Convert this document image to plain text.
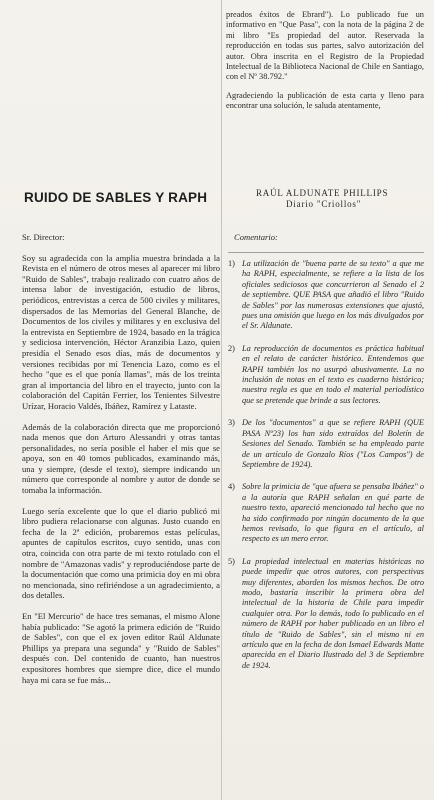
preados éxitos de Ebrard"). Lo publicado fue un informativo en "Que Pasa", con la nota de la página 2 de mi libro "Es propiedad del autor. Reservada la reproducción en todas sus partes, salvo autorización del autor. Obra inscrita en el Registro de la Propiedad Intelectual de la Biblioteca Nacional de Chile en Santiago, con el Nº 38.792."

Agradeciendo la publicación de esta carta y lleno para encontrar una solución, le saluda atentamente,

RUIDO DE SABLES Y RAPH	RAÚL ALDUNATE PHILLIPS
Diario "Criollos"

Sr. Director:

Soy su agradecida con la amplia muestra brindada a la Revista en el número de otros meses al aparecer mi libro "Ruido de Sables", trabajo realizado con cuatro años de intensa labor de investigación, estudio de libros, periódicos, entrevistas a cerca de 500 civiles y militares, dispersados de las Memorias del General Blanche, de Documentos de los civiles y militares y en exclusiva del la entrevista en Septiembre de 1924, basado en la trágica y sediciosa intervención, Héctor Aranzibia Lazo, quien presidía el Senado esos días, más de documentos y versiones recibidas por mí Tenencia Lazo, como es el hecho "que es el que ponía llamas", más de los treinta gran al importancia del libro en el trayecto, junto con la colaboración del Capitán Ferrier, los Tenientes Silvestre Urízar, Horacio Valdés, Ibáñez, Ramírez y Lataste.

Además de la colaboración directa que me proporcionó nada menos que don Arturo Alessandri y otras tantas personalidades, no sería posible el haber el mis que se apoya, son en 40 tomos publicados, examinando más, una y siempre, (desde el texto), siempre indicando un número que corresponde al nombre y autor de donde se tomaba la información.

Luego sería excelente que lo que el diario publicó mi libro pudiera relacionarse con algunas. Justo cuando en fecha de la 2ª edición, probaremos estas películas, apuntes de capítulos escritos, cuyo sentido, unas con otra, coincida con otra parte de mi texto rotulado con el nombre de "Amazonas vadis" y reproduciéndose parte de la documentación que como una primicia doy en mi obra no mencionada, sino refiriéndose a un agradecimiento, a dos detalles.

En "El Mercurio" de hace tres semanas, el mismo Alone había publicado: "Se agotó la primera edición de "Ruido de Sables", con que el ex joven editor Raúl Aldunate Phillips ya prepara una segunda" y "Ruido de Sables" después con. Del contenido de cuanto, han nuestros expositores hombres que siempre dice, dice el mundo haya mi cara se fue más...

Comentario:
1) La utilización de "buena parte de su texto" a que me ha RAPH, especialmente, se refiere a la lista de los oficiales sediciosos que concurrieron al Senado el 2 de septiembre. QUE PASA que añadió el libro "Ruido de Sables" por las numerosas extensiones que ajustó, pues una omisión que luego en los más divulgados por el Sr. Aldunate.
2) La reproducción de documentos es práctica habitual en el relato de carácter histórico. Entendemos que RAPH también los no usurpó abusivamente. La no inclusión de notas en el texto es cuaderno histórico; nuestra regla es que en todo el material periodístico que se pretende que brinde a sus lectores.
3) De los "documentos" a que se refiere RAPH (QUE PASA Nº23) los han sido extraídos del Boletín de Sesiones del Senado. También se ha empleado parte de un artículo de Gonzalo Ríos ("Los Campos") de Septiembre de 1924).
4) Sobre la primicia de "que afuera se pensaba Ibáñez" o a la autoría que RAPH señalan en qué parte de nuestro texto, apareció mencionado tal hecho que no ha sido confirmado por ningún documento de la que hemos revisado, lo que figura en el artículo, al respecto es un mero error.
5) La propiedad intelectual en materias históricas no puede impedir que otros autores, con perspectivas muy diferentes, aborden los mismos hechos. De otro modo, bastaría inscribir la primera obra del intelectual de la historia de Chile para impedir cualquier otra. Por lo demás, todo lo publicado en el número de RAPH por haber publicado en un libro el título de "Ruido de Sables", sin el mismo ni en artículo que en la fecha de don Ismael Edwards Matte aparecida en el Diario Ilustrado del 3 de Septiembre de 1924.
